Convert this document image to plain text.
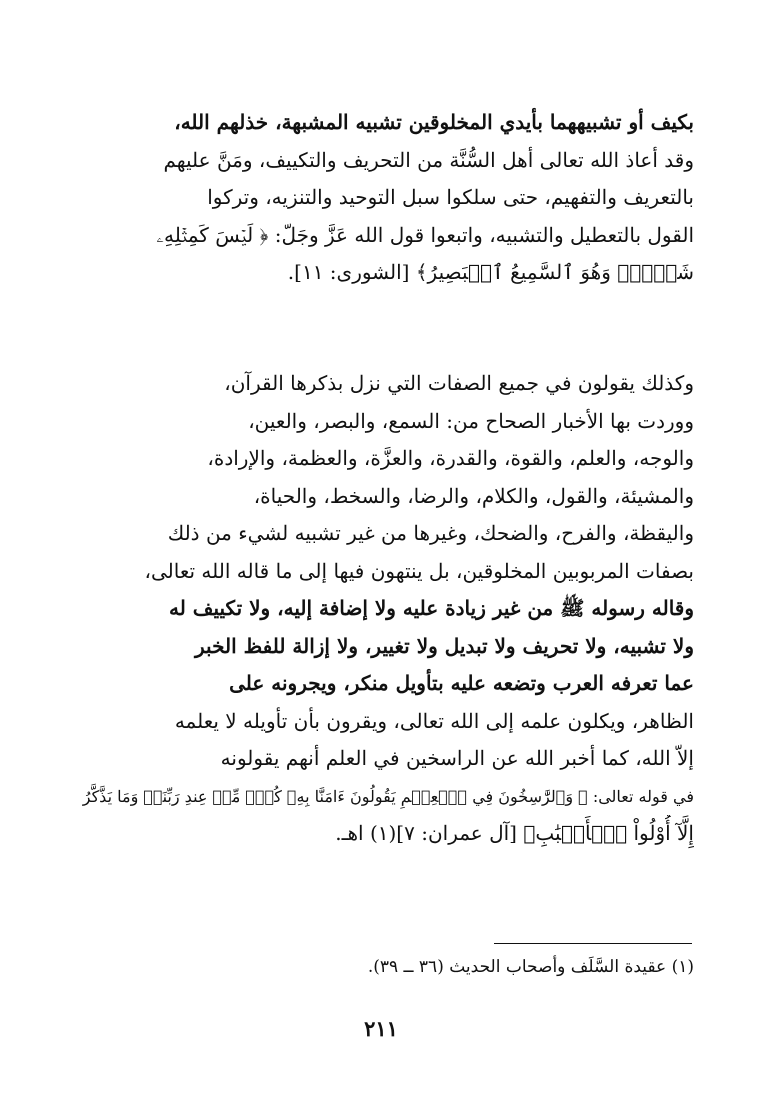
بكيف أو تشبيههما بأيدي المخلوقين تشبيه المشبهة، خذلهم الله،
وقد أعاذ الله تعالى أهل السُّنَّة من التحريف والتكييف، ومَنَّ عليهم
بالتعريف والتفهيم، حتى سلكوا سبل التوحيد والتنزيه، وتركوا
القول بالتعطيل والتشبيه، واتبعوا قول الله عَزَّ وجَلّ: ﴿ لَيۡسَ كَمِثۡلِهِۦ
شَيۡءٞۖ وَهُوَ ٱلسَّمِيعُ ٱلۡبَصِيرُ﴾ [الشورى: ١١].
وكذلك يقولون في جميع الصفات التي نزل بذكرها القرآن،
ووردت بها الأخبار الصحاح من: السمع، والبصر، والعين،
والوجه، والعلم، والقوة، والقدرة، والعزَّة، والعظمة، والإرادة،
والمشيئة، والقول، والكلام، والرضا، والسخط، والحياة،
واليقظة، والفرح، والضحك، وغيرها من غير تشبيه لشيء من ذلك
بصفات المربوبين المخلوقين، بل ينتهون فيها إلى ما قاله الله تعالى،
وقاله رسوله ﷺ من غير زيادة عليه ولا إضافة إليه، ولا تكييف له
ولا تشبيه، ولا تحريف ولا تبديل ولا تغيير، ولا إزالة للفظ الخبر
عما تعرفه العرب وتضعه عليه بتأويل منكر، ويجرونه على
الظاهر، ويكلون علمه إلى الله تعالى، ويقرون بأن تأويله لا يعلمه
إلاّ الله، كما أخبر الله عن الراسخين في العلم أنهم يقولونه
في قوله تعالى: ﴿ وَٱلرَّٰسِخُونَ فِي ٱلۡعِلۡمِ يَقُولُونَ ءَامَنَّا بِهِۦ كُلّٞ مِّنۡ عِندِ رَبِّنَاۗ وَمَا يَذَّكَّرُ
إِلَّآ أُوْلُواْ ٱلۡأَلۡبَٰبِ﴾ [آل عمران: ٧](١) اهـ.
(١) عقيدة السَّلَف وأصحاب الحديث (٣٦ ــ ٣٩).
٢١١
